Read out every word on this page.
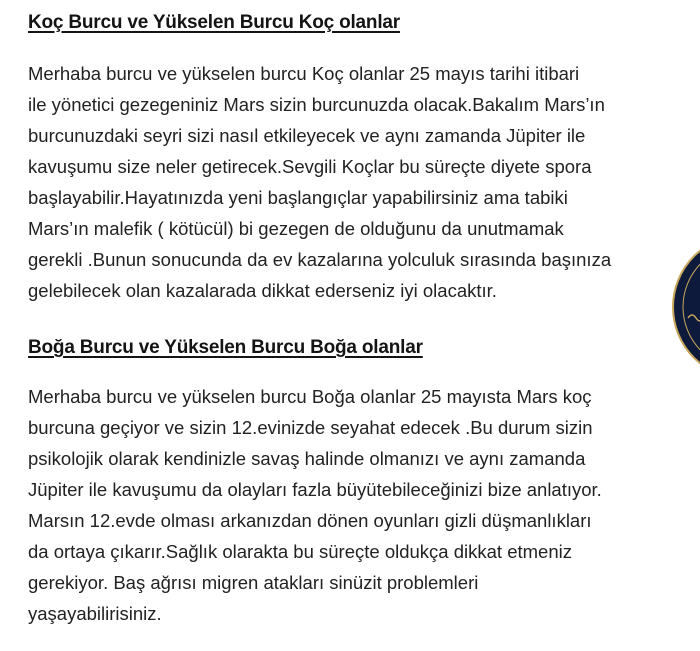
Koç Burcu ve Yükselen Burcu Koç olanlar
Merhaba burcu ve yükselen burcu Koç olanlar 25 mayıs tarihi itibari
ile yönetici gezegeniniz Mars sizin burcunuzda olacak.Bakalım Mars’ın
burcunuzdaki seyri sizi nasıl etkileyecek ve aynı zamanda Jüpiter ile
kavuşumu size neler getirecek.Sevgili Koçlar bu süreçte diyete spora
başlayabilir.Hayatınızda yeni başlangıçlar yapabilirsiniz ama tabiki
Mars’ın malefik ( kötücül) bi gezegen de olduğunu da unutmamak
gerekli .Bunun sonucunda da ev kazalarına yolculuk sırasında başınıza
gelebilecek olan kazalarada dikkat ederseniz iyi olacaktır.
Boğa Burcu ve Yükselen Burcu Boğa olanlar
Merhaba burcu ve yükselen burcu Boğa olanlar 25 mayısta Mars koç
burcuna geçiyor ve sizin 12.evinizde seyahat edecek .Bu durum sizin
psikolojik olarak kendinizle savaş halinde olmanızı ve aynı zamanda
Jüpiter ile kavuşumu da olayları fazla büyütebileceğinizi bize anlatıyor.
Marsın 12.evde olması arkanızdan dönen oyunları gizli düşmanlıkları
da ortaya çıkarır.Sağlık olarakta bu süreçte oldukça dikkat etmeniz
gerekiyor. Baş ağrısı migren atakları sinüzit problemleri
yaşayabilirisiniz.
